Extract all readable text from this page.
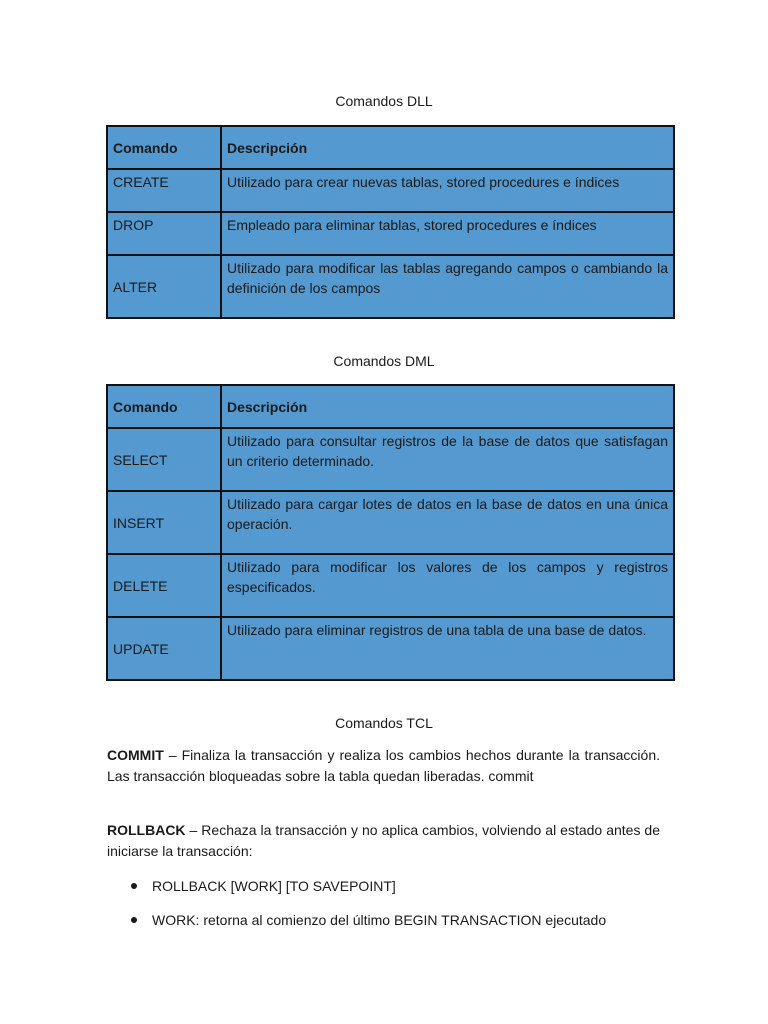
Comandos DLL
Comando	Descripción
CREATE	Utilizado para crear nuevas tablas, stored procedures e índices
DROP	Empleado para eliminar tablas, stored procedures e índices
ALTER	Utilizado para modificar las tablas agregando campos o cambiando la definición de los campos
Comandos DML
Comando	Descripción
SELECT	Utilizado para consultar registros de la base de datos que satisfagan un criterio determinado.
INSERT	Utilizado para cargar lotes de datos en la base de datos en una única operación.
DELETE	Utilizado para modificar los valores de los campos y registros especificados.
UPDATE	Utilizado para eliminar registros de una tabla de una base de datos.
Comandos TCL

COMMIT – Finaliza la transacción y realiza los cambios hechos durante la transacción. Las transacción bloqueadas sobre la tabla quedan liberadas. commit

ROLLBACK – Rechaza la transacción y no aplica cambios, volviendo al estado antes de iniciarse la transacción:

ROLLBACK [WORK] [TO SAVEPOINT]
WORK: retorna al comienzo del último BEGIN TRANSACTION ejecutado
